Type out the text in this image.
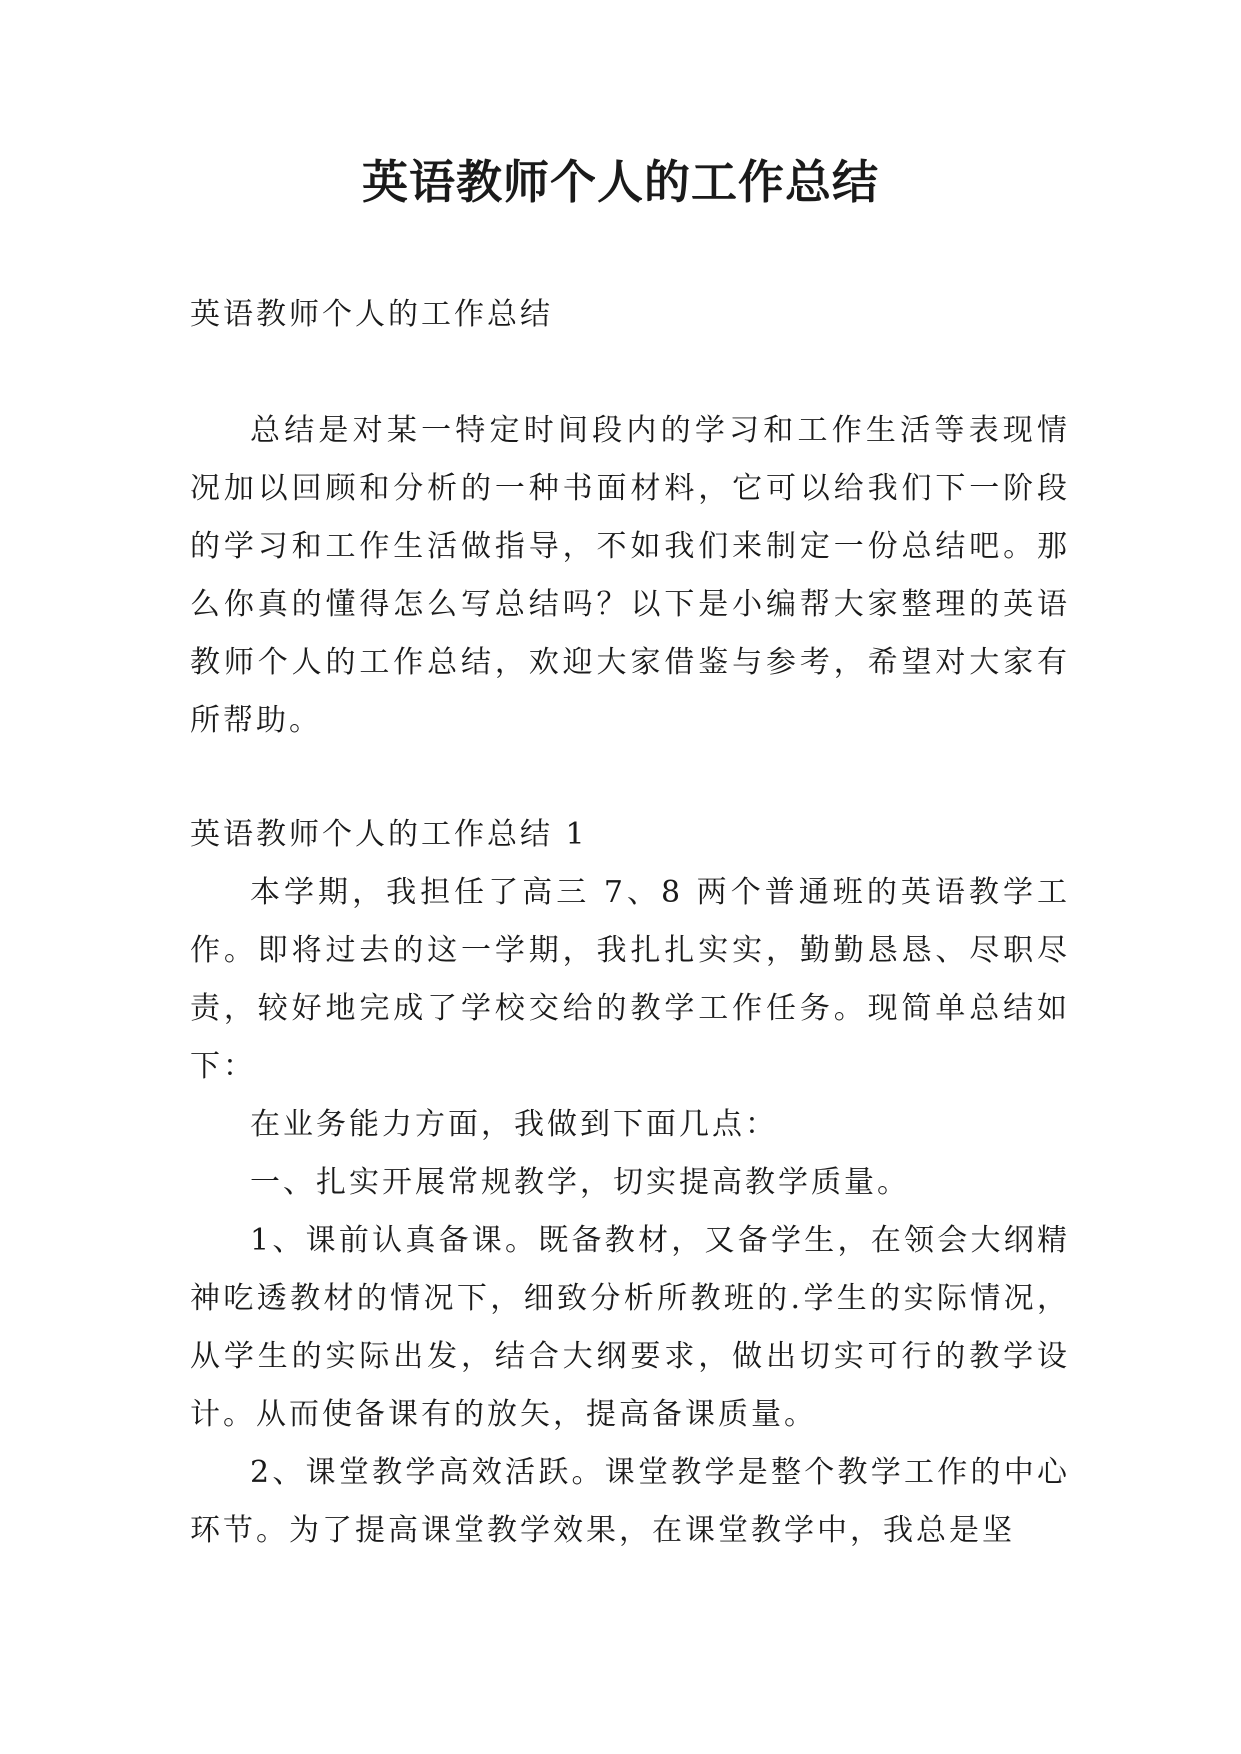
英语教师个人的工作总结
英语教师个人的工作总结

总结是对某一特定时间段内的学习和工作生活等表现情况加以回顾和分析的一种书面材料，它可以给我们下一阶段的学习和工作生活做指导，不如我们来制定一份总结吧。那么你真的懂得怎么写总结吗？以下是小编帮大家整理的英语教师个人的工作总结，欢迎大家借鉴与参考，希望对大家有所帮助。

英语教师个人的工作总结 1

本学期，我担任了高三 7、8 两个普通班的英语教学工作。即将过去的这一学期，我扎扎实实，勤勤恳恳、尽职尽责，较好地完成了学校交给的教学工作任务。现简单总结如下：

在业务能力方面，我做到下面几点：

一、扎实开展常规教学，切实提高教学质量。

1、课前认真备课。既备教材，又备学生，在领会大纲精神吃透教材的情况下，细致分析所教班的.学生的实际情况，从学生的实际出发，结合大纲要求，做出切实可行的教学设计。从而使备课有的放矢，提高备课质量。

2、课堂教学高效活跃。课堂教学是整个教学工作的中心环节。为了提高课堂教学效果，在课堂教学中，我总是坚
